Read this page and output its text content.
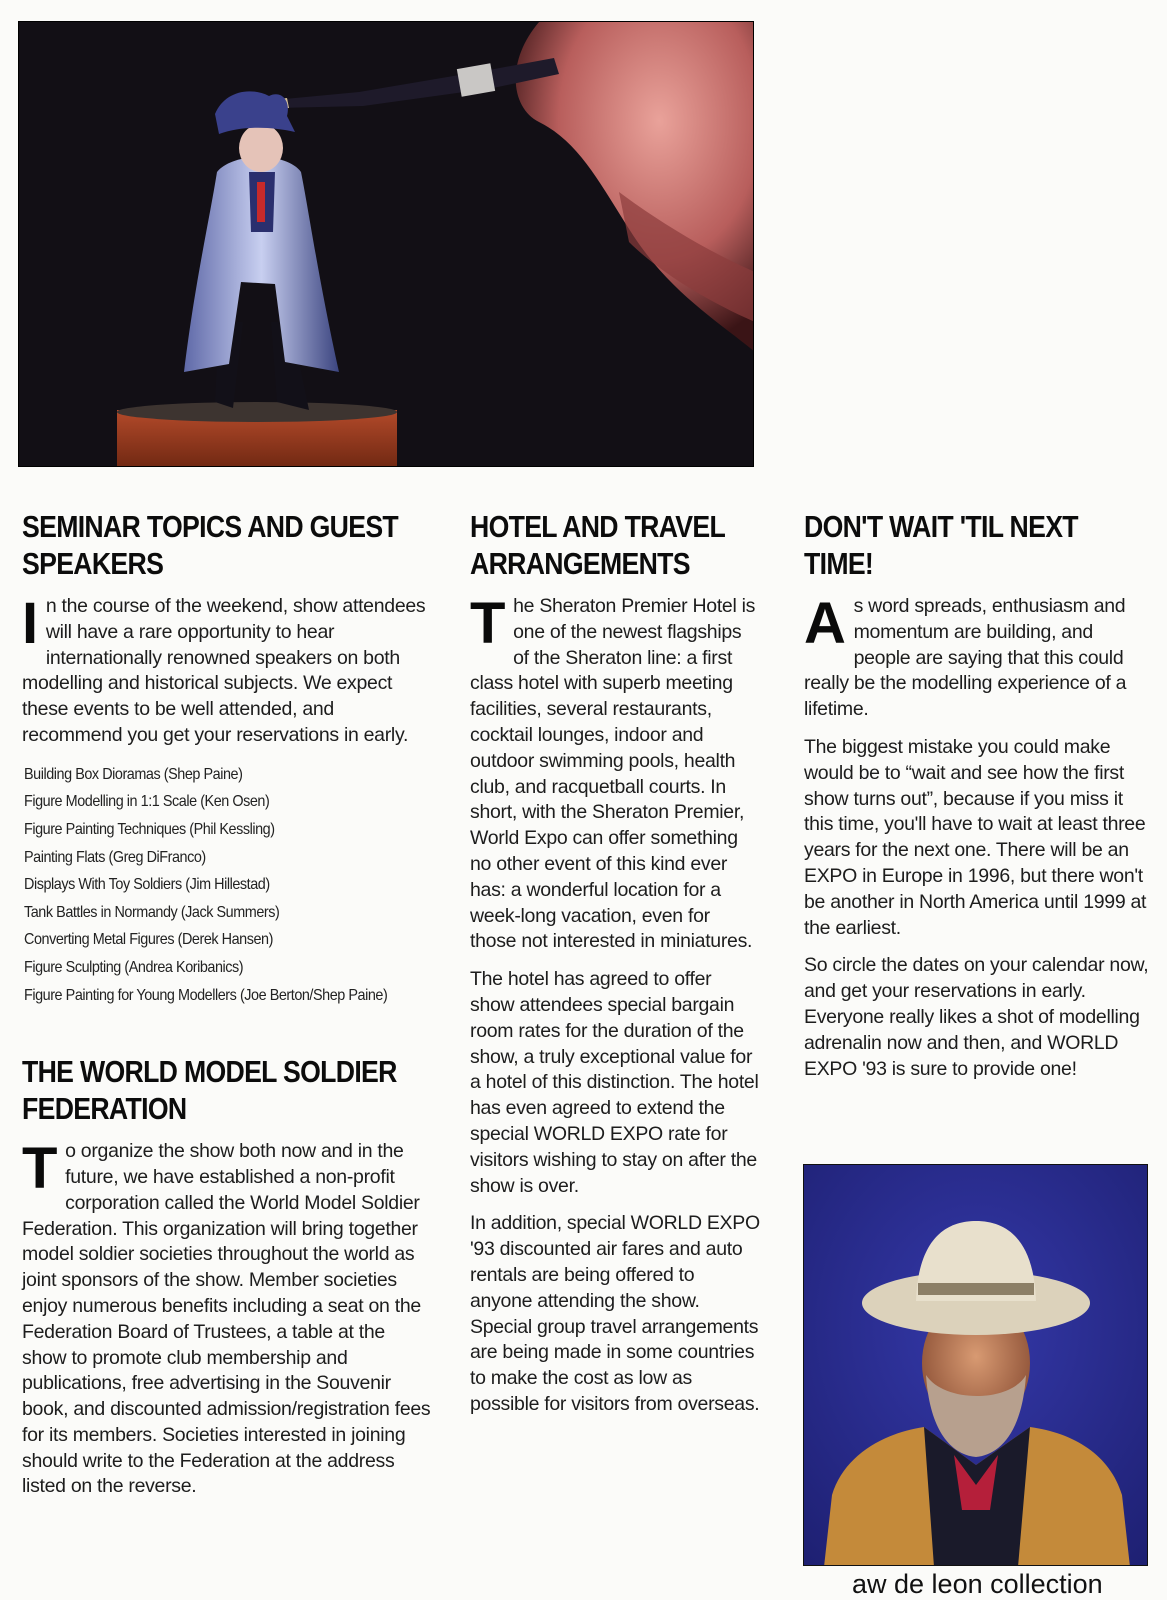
SEMINAR TOPICS AND GUEST SPEAKERS

In the course of the weekend, show attendees will have a rare opportunity to hear internationally renowned speakers on both modelling and historical subjects. We expect these events to be well attended, and recommend you get your reservations in early.

Building Box Dioramas (Shep Paine)
Figure Modelling in 1:1 Scale (Ken Osen)
Figure Painting Techniques (Phil Kessling)
Painting Flats (Greg DiFranco)
Displays With Toy Soldiers (Jim Hillestad)
Tank Battles in Normandy (Jack Summers)
Converting Metal Figures (Derek Hansen)
Figure Sculpting (Andrea Koribanics)
Figure Painting for Young Modellers (Joe Berton/Shep Paine)
THE WORLD MODEL SOLDIER FEDERATION

To organize the show both now and in the future, we have established a non-profit corporation called the World Model Soldier Federation. This organization will bring together model soldier societies throughout the world as joint sponsors of the show. Member societies enjoy numerous benefits including a seat on the Federation Board of Trustees, a table at the show to promote club membership and publications, free advertising in the Souvenir book, and discounted admission/registration fees for its members. Societies interested in joining should write to the Federation at the address listed on the reverse.

HOTEL AND TRAVEL ARRANGEMENTS

The Sheraton Premier Hotel is one of the newest flagships of the Sheraton line: a first class hotel with superb meeting facilities, several restaurants, cocktail lounges, indoor and outdoor swimming pools, health club, and racquetball courts. In short, with the Sheraton Premier, World Expo can offer something no other event of this kind ever has: a wonderful location for a week-long vacation, even for those not interested in miniatures.

The hotel has agreed to offer show attendees special bargain room rates for the duration of the show, a truly exceptional value for a hotel of this distinction. The hotel has even agreed to extend the special WORLD EXPO rate for visitors wishing to stay on after the show is over.

In addition, special WORLD EXPO '93 discounted air fares and auto rentals are being offered to anyone attending the show. Special group travel arrangements are being made in some countries to make the cost as low as possible for visitors from overseas.

DON'T WAIT 'TIL NEXT TIME!

As word spreads, enthusiasm and momentum are building, and people are saying that this could really be the modelling experience of a lifetime.

The biggest mistake you could make would be to “wait and see how the first show turns out”, because if you miss it this time, you'll have to wait at least three years for the next one. There will be an EXPO in Europe in 1996, but there won't be another in North America until 1999 at the earliest.

So circle the dates on your calendar now, and get your reservations in early. Everyone really likes a shot of modelling adrenalin now and then, and WORLD EXPO '93 is sure to provide one!

aw de leon collection
